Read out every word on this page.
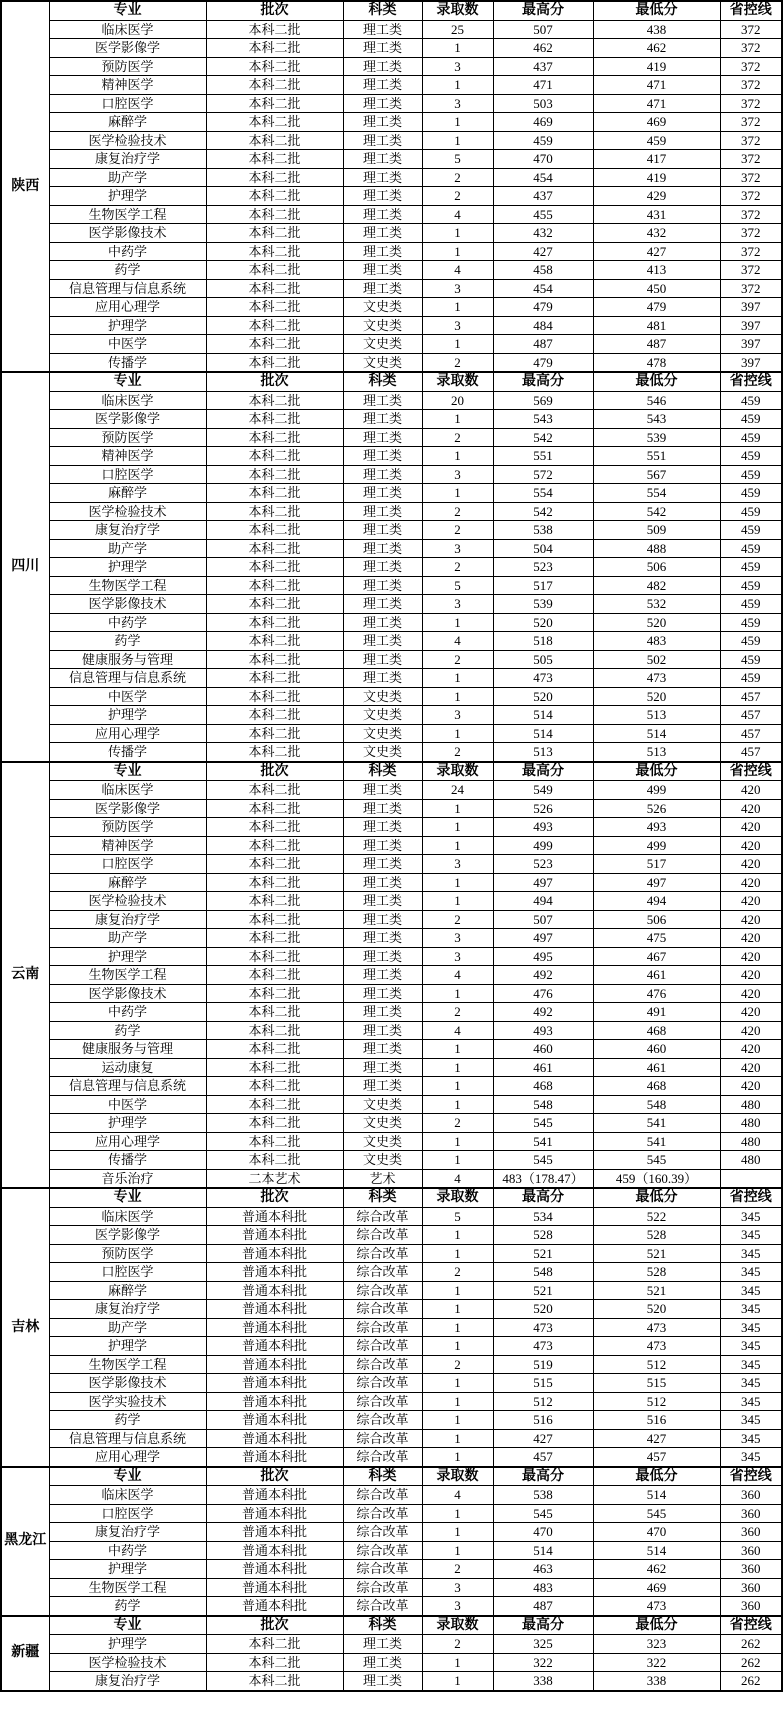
陕西	专业	批次	科类	录取数	最高分	最低分	省控线
	临床医学	本科二批	理工类	25	507	438	372
	医学影像学	本科二批	理工类	1	462	462	372
	预防医学	本科二批	理工类	3	437	419	372
	精神医学	本科二批	理工类	1	471	471	372
	口腔医学	本科二批	理工类	3	503	471	372
	麻醉学	本科二批	理工类	1	469	469	372
	医学检验技术	本科二批	理工类	1	459	459	372
	康复治疗学	本科二批	理工类	5	470	417	372
	助产学	本科二批	理工类	2	454	419	372
	护理学	本科二批	理工类	2	437	429	372
	生物医学工程	本科二批	理工类	4	455	431	372
	医学影像技术	本科二批	理工类	1	432	432	372
	中药学	本科二批	理工类	1	427	427	372
	药学	本科二批	理工类	4	458	413	372
	信息管理与信息系统	本科二批	理工类	3	454	450	372
	应用心理学	本科二批	文史类	1	479	479	397
	护理学	本科二批	文史类	3	484	481	397
	中医学	本科二批	文史类	1	487	487	397
	传播学	本科二批	文史类	2	479	478	397
四川	专业	批次	科类	录取数	最高分	最低分	省控线
	临床医学	本科二批	理工类	20	569	546	459
	医学影像学	本科二批	理工类	1	543	543	459
	预防医学	本科二批	理工类	2	542	539	459
	精神医学	本科二批	理工类	1	551	551	459
	口腔医学	本科二批	理工类	3	572	567	459
	麻醉学	本科二批	理工类	1	554	554	459
	医学检验技术	本科二批	理工类	2	542	542	459
	康复治疗学	本科二批	理工类	2	538	509	459
	助产学	本科二批	理工类	3	504	488	459
	护理学	本科二批	理工类	2	523	506	459
	生物医学工程	本科二批	理工类	5	517	482	459
	医学影像技术	本科二批	理工类	3	539	532	459
	中药学	本科二批	理工类	1	520	520	459
	药学	本科二批	理工类	4	518	483	459
	健康服务与管理	本科二批	理工类	2	505	502	459
	信息管理与信息系统	本科二批	理工类	1	473	473	459
	中医学	本科二批	文史类	1	520	520	457
	护理学	本科二批	文史类	3	514	513	457
	应用心理学	本科二批	文史类	1	514	514	457
	传播学	本科二批	文史类	2	513	513	457
云南	专业	批次	科类	录取数	最高分	最低分	省控线
	临床医学	本科二批	理工类	24	549	499	420
	医学影像学	本科二批	理工类	1	526	526	420
	预防医学	本科二批	理工类	1	493	493	420
	精神医学	本科二批	理工类	1	499	499	420
	口腔医学	本科二批	理工类	3	523	517	420
	麻醉学	本科二批	理工类	1	497	497	420
	医学检验技术	本科二批	理工类	1	494	494	420
	康复治疗学	本科二批	理工类	2	507	506	420
	助产学	本科二批	理工类	3	497	475	420
	护理学	本科二批	理工类	3	495	467	420
	生物医学工程	本科二批	理工类	4	492	461	420
	医学影像技术	本科二批	理工类	1	476	476	420
	中药学	本科二批	理工类	2	492	491	420
	药学	本科二批	理工类	4	493	468	420
	健康服务与管理	本科二批	理工类	1	460	460	420
	运动康复	本科二批	理工类	1	461	461	420
	信息管理与信息系统	本科二批	理工类	1	468	468	420
	中医学	本科二批	文史类	1	548	548	480
	护理学	本科二批	文史类	2	545	541	480
	应用心理学	本科二批	文史类	1	541	541	480
	传播学	本科二批	文史类	1	545	545	480
	音乐治疗	二本艺术	艺术	4	483（178.47）	459（160.39）	
吉林	专业	批次	科类	录取数	最高分	最低分	省控线
	临床医学	普通本科批	综合改革	5	534	522	345
	医学影像学	普通本科批	综合改革	1	528	528	345
	预防医学	普通本科批	综合改革	1	521	521	345
	口腔医学	普通本科批	综合改革	2	548	528	345
	麻醉学	普通本科批	综合改革	1	521	521	345
	康复治疗学	普通本科批	综合改革	1	520	520	345
	助产学	普通本科批	综合改革	1	473	473	345
	护理学	普通本科批	综合改革	1	473	473	345
	生物医学工程	普通本科批	综合改革	2	519	512	345
	医学影像技术	普通本科批	综合改革	1	515	515	345
	医学实验技术	普通本科批	综合改革	1	512	512	345
	药学	普通本科批	综合改革	1	516	516	345
	信息管理与信息系统	普通本科批	综合改革	1	427	427	345
	应用心理学	普通本科批	综合改革	1	457	457	345
黑龙江	专业	批次	科类	录取数	最高分	最低分	省控线
	临床医学	普通本科批	综合改革	4	538	514	360
	口腔医学	普通本科批	综合改革	1	545	545	360
	康复治疗学	普通本科批	综合改革	1	470	470	360
	中药学	普通本科批	综合改革	1	514	514	360
	护理学	普通本科批	综合改革	2	463	462	360
	生物医学工程	普通本科批	综合改革	3	483	469	360
	药学	普通本科批	综合改革	3	487	473	360
新疆	专业	批次	科类	录取数	最高分	最低分	省控线
	护理学	本科二批	理工类	2	325	323	262
	医学检验技术	本科二批	理工类	1	322	322	262
	康复治疗学	本科二批	理工类	1	338	338	262
